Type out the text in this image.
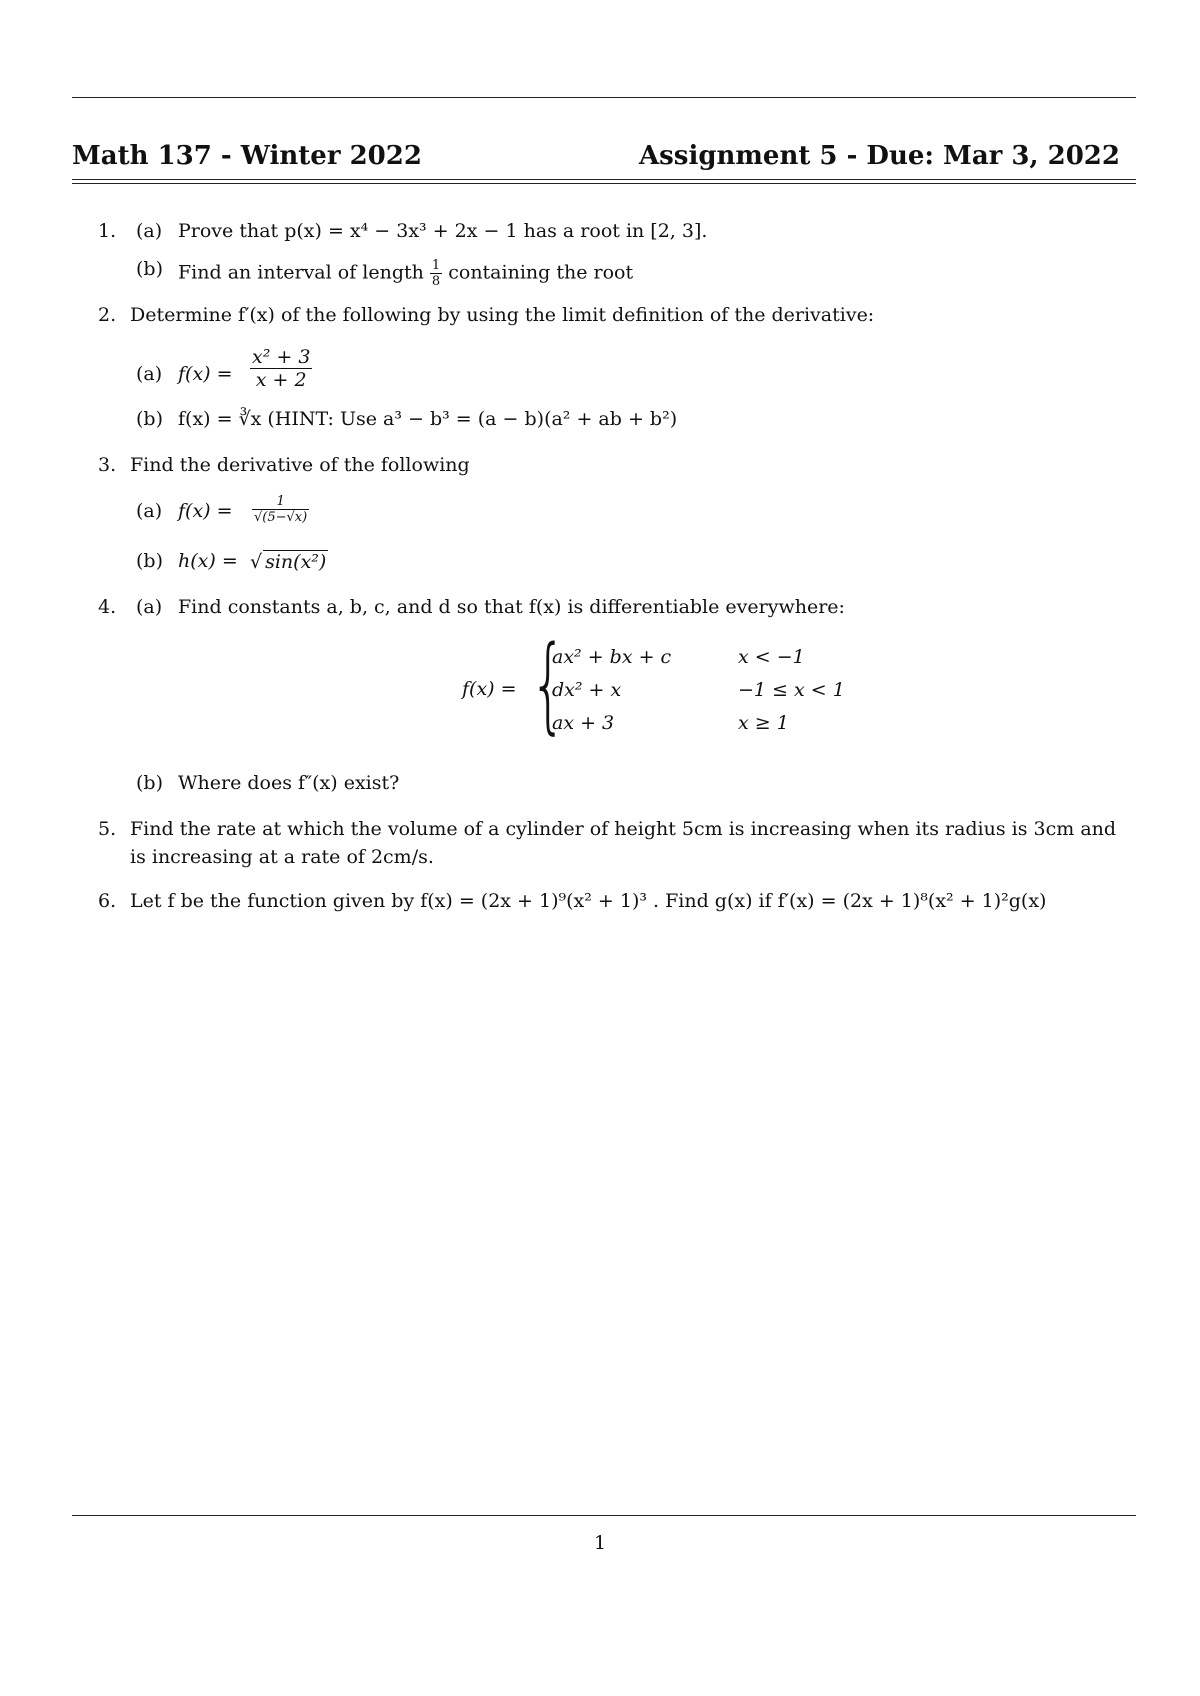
Math 137 - Winter 2022	Assignment 5 - Due: Mar 3, 2022
1. (a) Prove that p(x) = x⁴ − 3x³ + 2x − 1 has a root in [2, 3].
(b) Find an interval of length $\frac{1}{8}$ containing the root
2. Determine f′(x) of the following by using the limit definition of the derivative:
(a) $f(x) = \frac{\text{x² + 3}}{x + 2}$
(b) f(x) = ∛x (HINT: Use a³ − b³ = (a − b)(a² + ab + b²)
3. Find the derivative of the following
(a) $f(x) = \frac{1}{√(5-√x)}$
(b) h(x) = √ sin(x²)
4. (a) Find constants a, b, c, and d so that f(x) is differentiable everywhere:
f(x) = {
ax² + bx + c	x < −1
dx² + x	−1 ≤ x < 1
ax + 3	x ≥ 1
(b) Where does f″(x) exist?
5. Find the rate at which the volume of a cylinder of height 5cm is increasing when its radius is 3cm and is increasing at a rate of 2cm/s.
6. Let f be the function given by f(x) = (2x + 1)⁹(x² + 1)³ . Find g(x) if f′(x) = (2x + 1)⁸(x² + 1)²g(x)
1
